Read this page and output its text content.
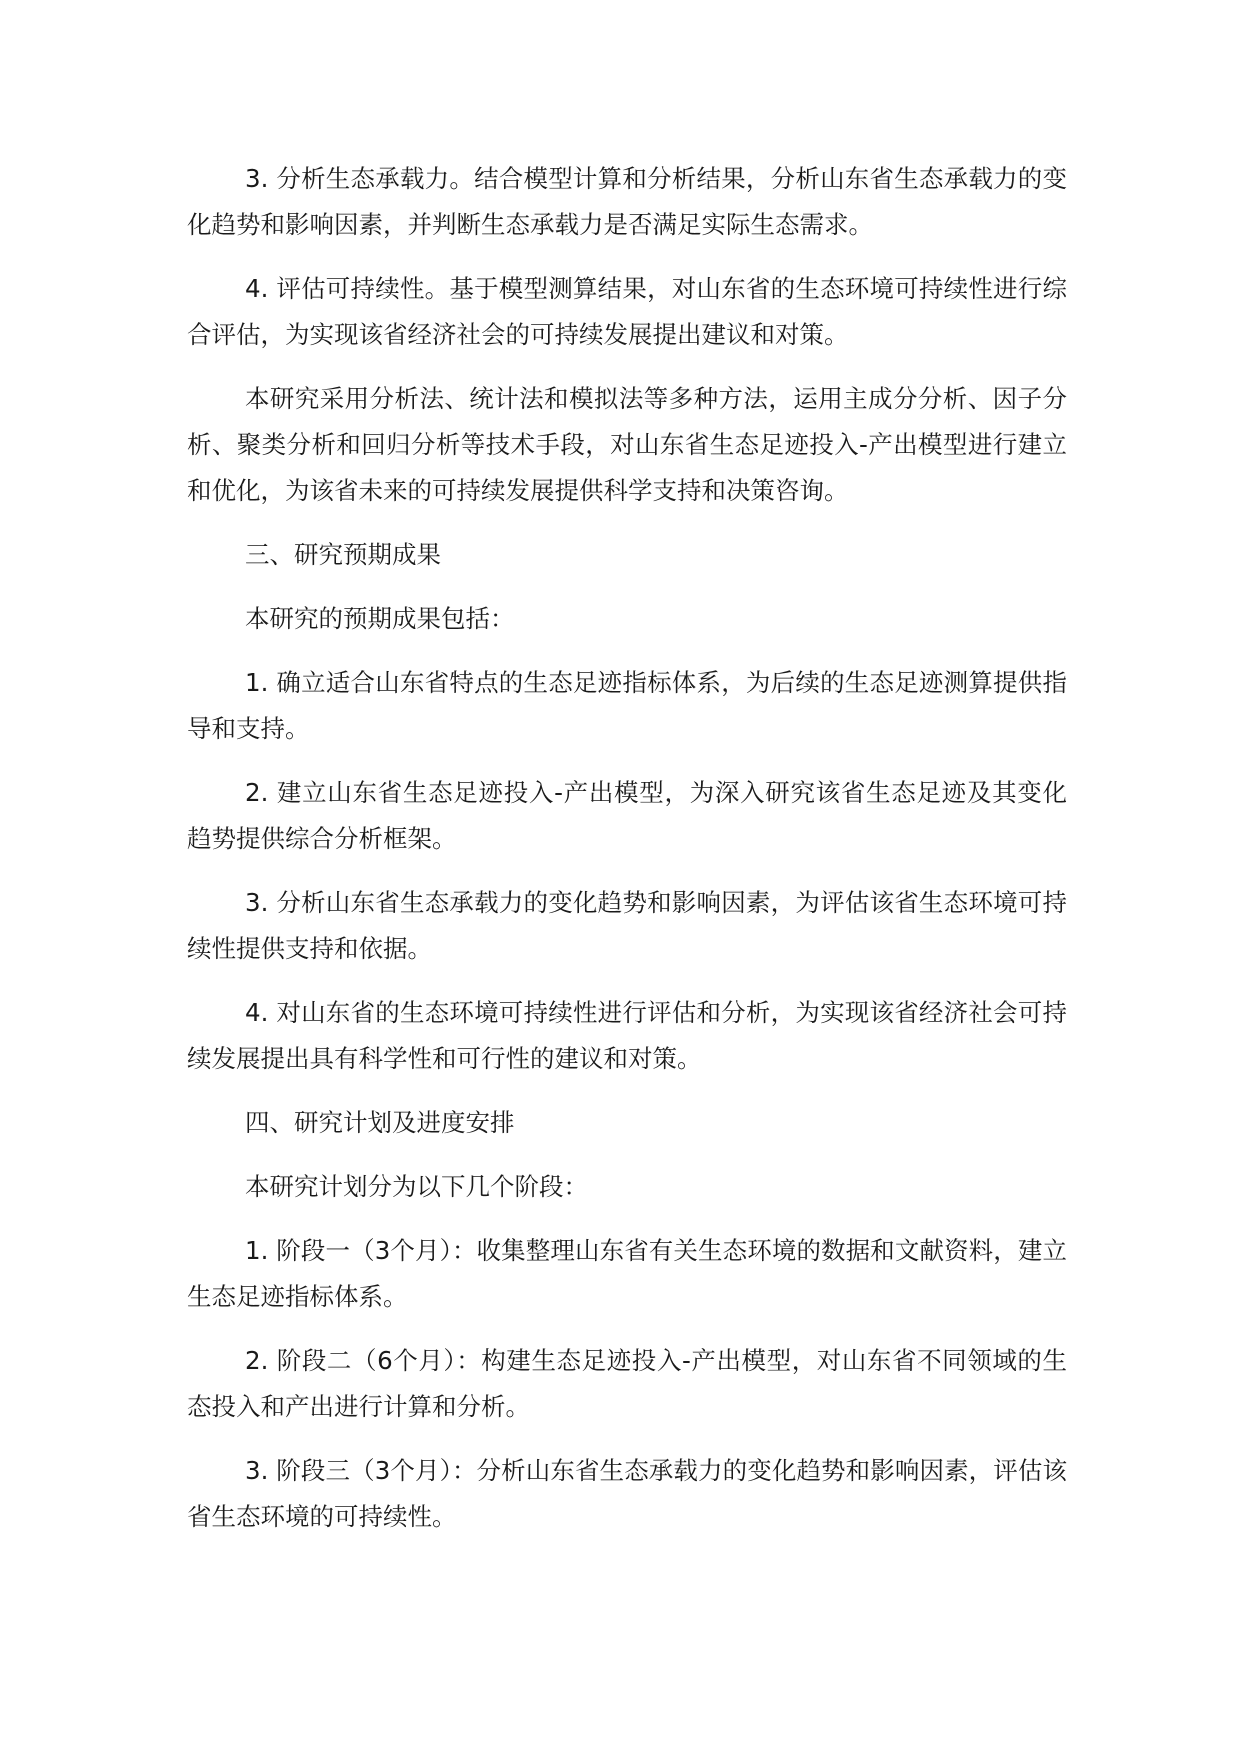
3. 分析生态承载力。结合模型计算和分析结果，分析山东省生态承载力的变化趋势和影响因素，并判断生态承载力是否满足实际生态需求。

4. 评估可持续性。基于模型测算结果，对山东省的生态环境可持续性进行综合评估，为实现该省经济社会的可持续发展提出建议和对策。

本研究采用分析法、统计法和模拟法等多种方法，运用主成分分析、因子分析、聚类分析和回归分析等技术手段，对山东省生态足迹投入-产出模型进行建立和优化，为该省未来的可持续发展提供科学支持和决策咨询。

三、研究预期成果

本研究的预期成果包括：

1. 确立适合山东省特点的生态足迹指标体系，为后续的生态足迹测算提供指导和支持。

2. 建立山东省生态足迹投入-产出模型，为深入研究该省生态足迹及其变化趋势提供综合分析框架。

3. 分析山东省生态承载力的变化趋势和影响因素，为评估该省生态环境可持续性提供支持和依据。

4. 对山东省的生态环境可持续性进行评估和分析，为实现该省经济社会可持续发展提出具有科学性和可行性的建议和对策。

四、研究计划及进度安排

本研究计划分为以下几个阶段：

1. 阶段一（3个月）：收集整理山东省有关生态环境的数据和文献资料，建立生态足迹指标体系。

2. 阶段二（6个月）：构建生态足迹投入-产出模型，对山东省不同领域的生态投入和产出进行计算和分析。

3. 阶段三（3个月）：分析山东省生态承载力的变化趋势和影响因素，评估该省生态环境的可持续性。
